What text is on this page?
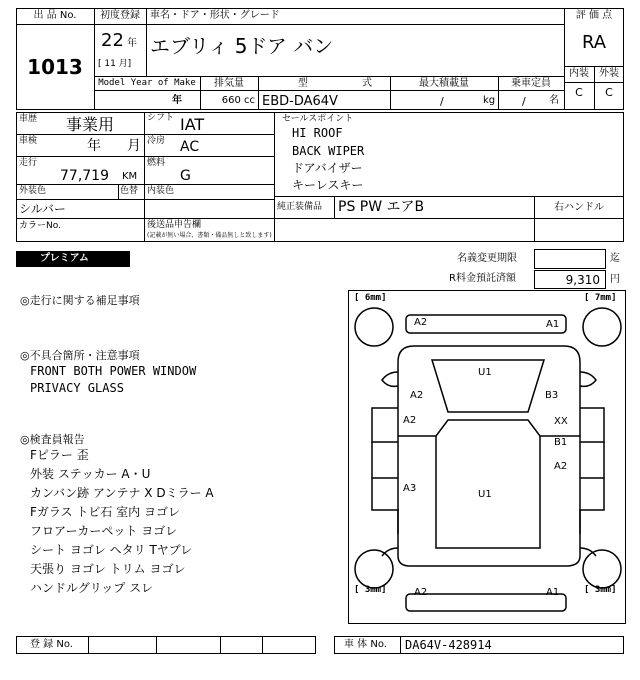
出 品 No.
1013
初度登録
22 年
[ 11 月]
車名・ドア・形状・グレード
エブリィ 5ドア バン
Model Year of Make
年
排気量
660 cc
型	式
EBD-DA64V
最大積載量
/	kg
乗車定員
/ 名
評 価 点
RA
内装	外装
C	C
車歴 事業用	シフト IAT
車検	年 月 冷房 AC
走行
77,719 KM
燃料
G
外装色	色替 内装色
シルバー
カラーNo.	後送品申告欄
(記載が無い場合、書類・備品無しと致します)
セールスポイント
HI ROOF
BACK WIPER
ドアバイザー
キーレスキー
純正装備品 PS PW エアB	右ハンドル
プレミアム	名義変更期限	迄
R料金預託済額	9,310 円
◎走行に関する補足事項
◎不具合箇所・注意事項
FRONT BOTH POWER WINDOW
PRIVACY GLASS
◎検査員報告
Fピラー 歪
外装 ステッカー A・U
カンバン跡 アンテナ X Dミラー A
Fガラス トビ石 室内 ヨゴレ
フロアーカーペット ヨゴレ
シート ヨゴレ ヘタリ Tヤブレ
天張り ヨゴレ トリム ヨゴレ
ハンドルグリップ スレ
[ 6mm]	[ 7mm]
[ 3mm]	[ 3mm]
A2	A1
U1
A2	B3
A2	XX
B1
A2
A3
U1
A2	A1
登 録 No.	車 体 No. DA64V-428914
